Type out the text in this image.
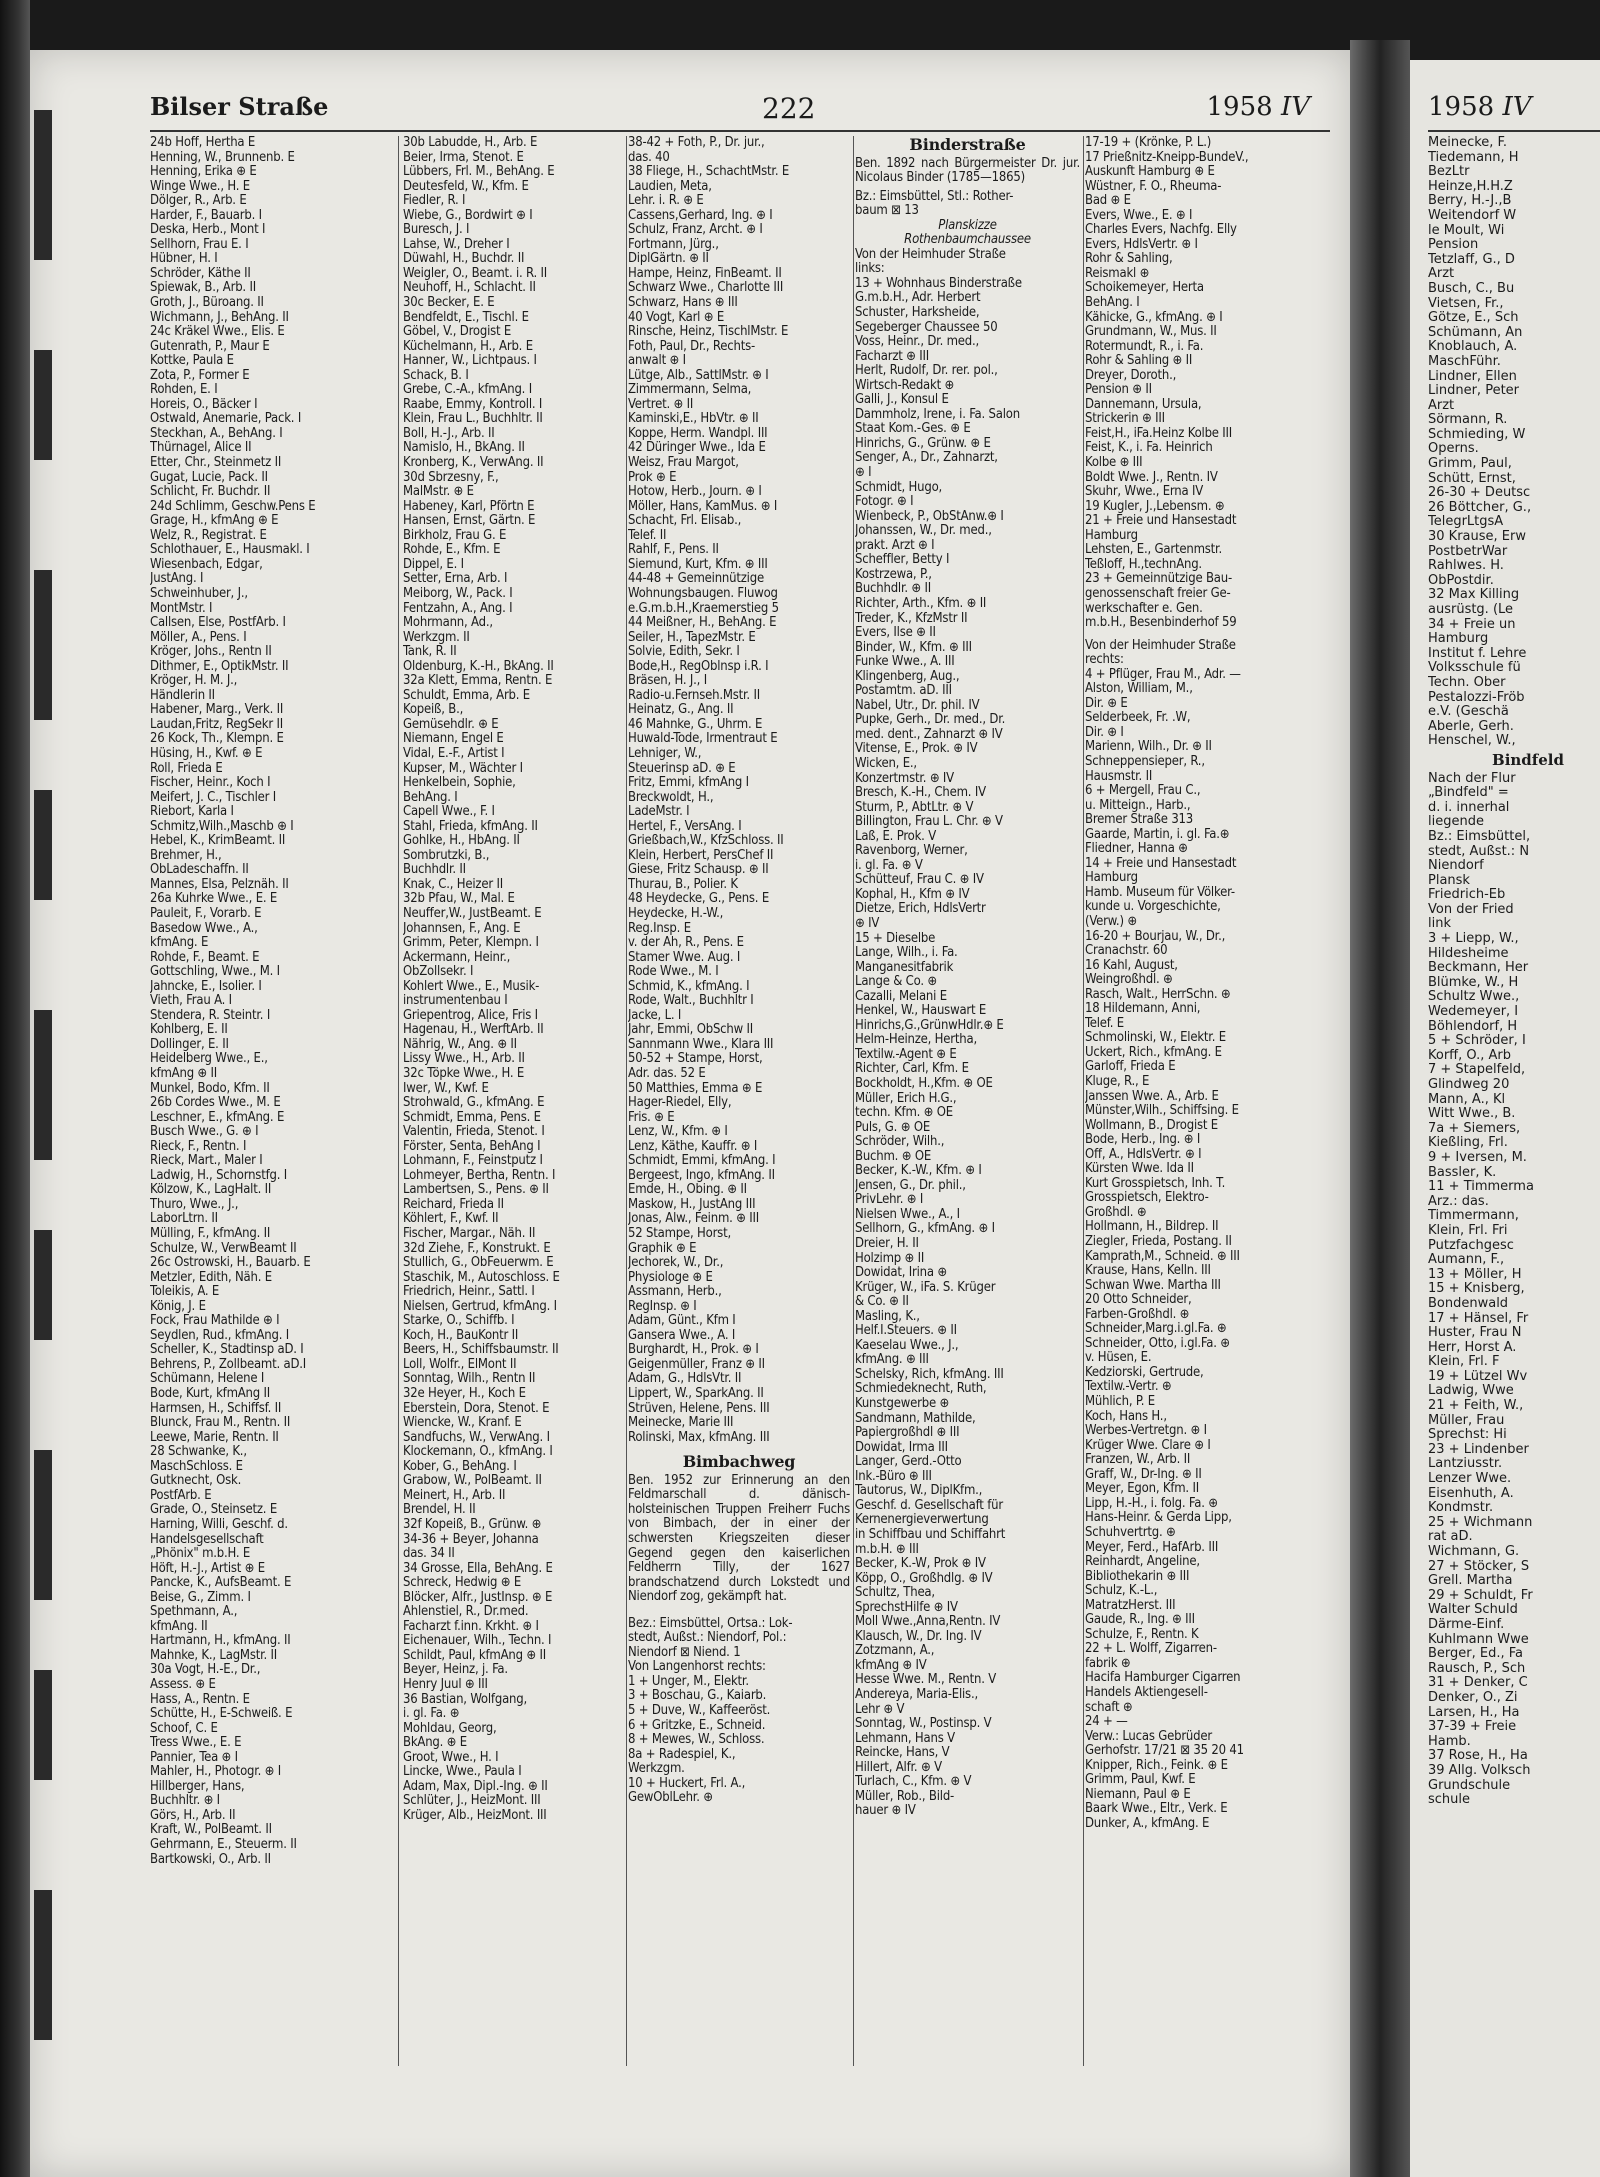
Bilser Straße	222	1958 IV
24b Hoff, Hertha E
Henning, W., Brunnenb. E
Henning, Erika ⊕ E
Winge Wwe., H. E
Dölger, R., Arb. E
Harder, F., Bauarb. I
Deska, Herb., Mont I
Sellhorn, Frau E. I
Hübner, H. I
Schröder, Käthe II
Spiewak, B., Arb. II
Groth, J., Büroang. II
Wichmann, J., BehAng. II
24c Kräkel Wwe., Elis. E
Gutenrath, P., Maur E
Kottke, Paula E
Zota, P., Former E
Rohden, E. I
Horeis, O., Bäcker I
Ostwald, Anemarie, Pack. I
Steckhan, A., BehAng. I
Thürnagel, Alice II
Etter, Chr., Steinmetz II
Gugat, Lucie, Pack. II
Schlicht, Fr. Buchdr. II
24d Schlimm, Geschw.Pens E
Grage, H., kfmAng ⊕ E
Welz, R., Registrat. E
Schlothauer, E., Hausmakl. I
Wiesenbach, Edgar,
JustAng. I
Schweinhuber, J.,
MontMstr. I
Callsen, Else, PostfArb. I
Möller, A., Pens. I
Kröger, Johs., Rentn II
Dithmer, E., OptikMstr. II
Kröger, H. M. J.,
Händlerin II
Habener, Marg., Verk. II
Laudan,Fritz, RegSekr II
26 Kock, Th., Klempn. E
Hüsing, H., Kwf. ⊕ E
Roll, Frieda E
Fischer, Heinr., Koch I
Meifert, J. C., Tischler I
Riebort, Karla I
Schmitz,Wilh.,Maschb ⊕ I
Hebel, K., KrimBeamt. II
Brehmer, H.,
ObLadeschaffn. II
Mannes, Elsa, Pelznäh. II
26a Kuhrke Wwe., E. E
Pauleit, F., Vorarb. E
Basedow Wwe., A.,
kfmAng. E
Rohde, F., Beamt. E
Gottschling, Wwe., M. I
Jahncke, E., Isolier. I
Vieth, Frau A. I
Stendera, R. Steintr. I
Kohlberg, E. II
Dollinger, E. II
Heidelberg Wwe., E.,
kfmAng ⊕ II
Munkel, Bodo, Kfm. II
26b Cordes Wwe., M. E
Leschner, E., kfmAng. E
Busch Wwe., G. ⊕ I
Rieck, F., Rentn. I
Rieck, Mart., Maler I
Ladwig, H., Schornstfg. I
Kölzow, K., LagHalt. II
Thuro, Wwe., J.,
LaborLtrn. II
Mülling, F., kfmAng. II
Schulze, W., VerwBeamt II
26c Ostrowski, H., Bauarb. E
Metzler, Edith, Näh. E
Toleikis, A. E
König, J. E
Fock, Frau Mathilde ⊕ I
Seydlen, Rud., kfmAng. I
Scheller, K., Stadtinsp aD. I
Behrens, P., Zollbeamt. aD.I
Schümann, Helene I
Bode, Kurt, kfmAng II
Harmsen, H., Schiffsf. II
Blunck, Frau M., Rentn. II
Leewe, Marie, Rentn. II
28 Schwanke, K.,
MaschSchloss. E
Gutknecht, Osk.
PostfArb. E
Grade, O., Steinsetz. E
Harning, Willi, Geschf. d.
Handelsgesellschaft
„Phönix" m.b.H. E
Höft, H.-J., Artist ⊕ E
Pancke, K., AufsBeamt. E
Beise, G., Zimm. I
Spethmann, A.,
kfmAng. II
Hartmann, H., kfmAng. II
Mahnke, K., LagMstr. II
30a Vogt, H.-E., Dr.,
Assess. ⊕ E
Hass, A., Rentn. E
Schütte, H., E-Schweiß. E
Schoof, C. E
Tress Wwe., E. E
Pannier, Tea ⊕ I
Mahler, H., Photogr. ⊕ I
Hillberger, Hans,
Buchhltr. ⊕ I
Görs, H., Arb. II
Kraft, W., PolBeamt. II
Gehrmann, E., Steuerm. II
Bartkowski, O., Arb. II
30b Labudde, H., Arb. E
Beier, Irma, Stenot. E
Lübbers, Frl. M., BehAng. E
Deutesfeld, W., Kfm. E
Fiedler, R. I
Wiebe, G., Bordwirt ⊕ I
Buresch, J. I
Lahse, W., Dreher I
Düwahl, H., Buchdr. II
Weigler, O., Beamt. i. R. II
Neuhoff, H., Schlacht. II
30c Becker, E. E
Bendfeldt, E., Tischl. E
Göbel, V., Drogist E
Küchelmann, H., Arb. E
Hanner, W., Lichtpaus. I
Schack, B. I
Grebe, C.-A., kfmAng. I
Raabe, Emmy, Kontroll. I
Klein, Frau L., Buchhltr. II
Boll, H.-J., Arb. II
Namislo, H., BkAng. II
Kronberg, K., VerwAng. II
30d Sbrzesny, F.,
MalMstr. ⊕ E
Habeney, Karl, Pförtn E
Hansen, Ernst, Gärtn. E
Birkholz, Frau G. E
Rohde, E., Kfm. E
Dippel, E. I
Setter, Erna, Arb. I
Meiborg, W., Pack. I
Fentzahn, A., Ang. I
Mohrmann, Ad.,
Werkzgm. II
Tank, R. II
Oldenburg, K.-H., BkAng. II
32a Klett, Emma, Rentn. E
Schuldt, Emma, Arb. E
Kopeiß, B.,
Gemüsehdlr. ⊕ E
Niemann, Engel E
Vidal, E.-F., Artist I
Kupser, M., Wächter I
Henkelbein, Sophie,
BehAng. I
Capell Wwe., F. I
Stahl, Frieda, kfmAng. II
Gohlke, H., HbAng. II
Sombrutzki, B.,
Buchhdlr. II
Knak, C., Heizer II
32b Pfau, W., Mal. E
Neuffer,W., JustBeamt. E
Johannsen, F., Ang. E
Grimm, Peter, Klempn. I
Ackermann, Heinr.,
ObZollsekr. I
Kohlert Wwe., E., Musik-
instrumentenbau I
Griepentrog, Alice, Fris I
Hagenau, H., WerftArb. II
Nährig, W., Ang. ⊕ II
Lissy Wwe., H., Arb. II
32c Töpke Wwe., H. E
Iwer, W., Kwf. E
Strohwald, G., kfmAng. E
Schmidt, Emma, Pens. E
Valentin, Frieda, Stenot. I
Förster, Senta, BehAng I
Lohmann, F., Feinstputz I
Lohmeyer, Bertha, Rentn. I
Lambertsen, S., Pens. ⊕ II
Reichard, Frieda II
Köhlert, F., Kwf. II
Fischer, Margar., Näh. II
32d Ziehe, F., Konstrukt. E
Stullich, G., ObFeuerwm. E
Staschik, M., Autoschloss. E
Friedrich, Heinr., Sattl. I
Nielsen, Gertrud, kfmAng. I
Starke, O., Schiffb. I
Koch, H., BauKontr II
Beers, H., Schiffsbaumstr. II
Loll, Wolfr., ElMont II
Sonntag, Wilh., Rentn II
32e Heyer, H., Koch E
Eberstein, Dora, Stenot. E
Wiencke, W., Kranf. E
Sandfuchs, W., VerwAng. I
Klockemann, O., kfmAng. I
Kober, G., BehAng. I
Grabow, W., PolBeamt. II
Meinert, H., Arb. II
Brendel, H. II
32f Kopeiß, B., Grünw. ⊕
34-36 + Beyer, Johanna
das. 34 II
34 Grosse, Ella, BehAng. E
Schreck, Hedwig ⊕ E
Blöcker, Alfr., JustInsp. ⊕ E
Ahlenstiel, R., Dr.med.
Facharzt f.inn. Krkht. ⊕ I
Eichenauer, Wilh., Techn. I
Schildt, Paul, kfmAng ⊕ II
Beyer, Heinz, j. Fa.
Henry Juul ⊕ III
36 Bastian, Wolfgang,
i. gl. Fa. ⊕
Mohldau, Georg,
BkAng. ⊕ E
Groot, Wwe., H. I
Lincke, Wwe., Paula I
Adam, Max, Dipl.-Ing. ⊕ II
Schlüter, J., HeizMont. III
Krüger, Alb., HeizMont. III
38-42 + Foth, P., Dr. jur.,
das. 40
38 Fliege, H., SchachtMstr. E
Laudien, Meta,
Lehr. i. R. ⊕ E
Cassens,Gerhard, Ing. ⊕ I
Schulz, Franz, Archt. ⊕ I
Fortmann, Jürg.,
DiplGärtn. ⊕ II
Hampe, Heinz, FinBeamt. II
Schwarz Wwe., Charlotte III
Schwarz, Hans ⊕ III
40 Vogt, Karl ⊕ E
Rinsche, Heinz, TischlMstr. E
Foth, Paul, Dr., Rechts-
anwalt ⊕ I
Lütge, Alb., SattlMstr. ⊕ I
Zimmermann, Selma,
Vertret. ⊕ II
Kaminski,E., HbVtr. ⊕ II
Koppe, Herm. Wandpl. III
42 Düringer Wwe., Ida E
Weisz, Frau Margot,
Prok ⊕ E
Hotow, Herb., Journ. ⊕ I
Möller, Hans, KamMus. ⊕ I
Schacht, Frl. Elisab.,
Telef. II
Rahlf, F., Pens. II
Siemund, Kurt, Kfm. ⊕ III
44-48 + Gemeinnützige
Wohnungsbaugen. Fluwog
e.G.m.b.H.,Kraemerstieg 5
44 Meißner, H., BehAng. E
Seiler, H., TapezMstr. E
Solvie, Edith, Sekr. I
Bode,H., RegOblnsp i.R. I
Bräsen, H. J., I
Radio-u.Fernseh.Mstr. II
Heinatz, G., Ang. II
46 Mahnke, G., Uhrm. E
Huwald-Tode, Irmentraut E
Lehniger, W.,
Steuerinsp aD. ⊕ E
Fritz, Emmi, kfmAng I
Breckwoldt, H.,
LadeMstr. I
Hertel, F., VersAng. I
Grießbach,W., KfzSchloss. II
Klein, Herbert, PersChef II
Giese, Fritz Schausp. ⊕ II
Thurau, B., Polier. K
48 Heydecke, G., Pens. E
Heydecke, H.-W.,
Reg.Insp. E
v. der Ah, R., Pens. E
Stamer Wwe. Aug. I
Rode Wwe., M. I
Schmid, K., kfmAng. I
Rode, Walt., Buchhltr I
Jacke, L. I
Jahr, Emmi, ObSchw II
Sannmann Wwe., Klara III
50-52 + Stampe, Horst,
Adr. das. 52 E
50 Matthies, Emma ⊕ E
Hager-Riedel, Elly,
Fris. ⊕ E
Lenz, W., Kfm. ⊕ I
Lenz, Käthe, Kauffr. ⊕ I
Schmidt, Emmi, kfmAng. I
Bergeest, Ingo, kfmAng. II
Emde, H., Obing. ⊕ II
Maskow, H., JustAng III
Jonas, Alw., Feinm. ⊕ III
52 Stampe, Horst,
Graphik ⊕ E
Jechorek, W., Dr.,
Physiologe ⊕ E
Assmann, Herb.,
RegInsp. ⊕ I
Adam, Günt., Kfm I
Gansera Wwe., A. I
Burghardt, H., Prok. ⊕ I
Geigenmüller, Franz ⊕ II
Adam, G., HdlsVtr. II
Lippert, W., SparkAng. II
Strüven, Helene, Pens. III
Meinecke, Marie III
Rolinski, Max, kfmAng. III
Bimbachweg
Ben. 1952 zur Erinnerung an den Feldmarschall d. dänisch-holsteinischen Truppen Freiherr Fuchs von Bimbach, der in einer der schwersten Kriegszeiten dieser Gegend gegen den kaiserlichen Feldherrn Tilly, der 1627 brandschatzend durch Lokstedt und Niendorf zog, gekämpft hat.
Bez.: Eimsbüttel, Ortsa.: Lok-
stedt, Außst.: Niendorf, Pol.:
Niendorf ⊠ Niend. 1
Von Langenhorst rechts:
1 + Unger, M., Elektr.
3 + Boschau, G., Kaiarb.
5 + Duve, W., Kaffeeröst.
6 + Gritzke, E., Schneid.
8 + Mewes, W., Schloss.
8a + Radespiel, K.,
Werkzgm.
10 + Huckert, Frl. A.,
GewOblLehr. ⊕
Binderstraße
Ben. 1892 nach Bürgermeister Dr. jur. Nicolaus Binder (1785—1865)
Bz.: Eimsbüttel, Stl.: Rother-
baum ⊠ 13
Planskizze
Rothenbaumchaussee
Von der Heimhuder Straße
links:
13 + Wohnhaus Binderstraße
G.m.b.H., Adr. Herbert
Schuster, Harksheide,
Segeberger Chaussee 50
Voss, Heinr., Dr. med.,
Facharzt ⊕ III
Herlt, Rudolf, Dr. rer. pol.,
Wirtsch-Redakt ⊕
Galli, J., Konsul E
Dammholz, Irene, i. Fa. Salon
Staat Kom.-Ges. ⊕ E
Hinrichs, G., Grünw. ⊕ E
Senger, A., Dr., Zahnarzt,
⊕ I
Schmidt, Hugo,
Fotogr. ⊕ I
Wienbeck, P., ObStAnw.⊕ I
Johanssen, W., Dr. med.,
prakt. Arzt ⊕ I
Scheffler, Betty I
Kostrzewa, P.,
Buchhdlr. ⊕ II
Richter, Arth., Kfm. ⊕ II
Treder, K., KfzMstr II
Evers, Ilse ⊕ II
Binder, W., Kfm. ⊕ III
Funke Wwe., A. III
Klingenberg, Aug.,
Postamtm. aD. III
Nabel, Utr., Dr. phil. IV
Pupke, Gerh., Dr. med., Dr.
med. dent., Zahnarzt ⊕ IV
Vitense, E., Prok. ⊕ IV
Wicken, E.,
Konzertmstr. ⊕ IV
Bresch, K.-H., Chem. IV
Sturm, P., AbtLtr. ⊕ V
Billington, Frau L. Chr. ⊕ V
Laß, E. Prok. V
Ravenborg, Werner,
i. gl. Fa. ⊕ V
Schütteuf, Frau C. ⊕ IV
Kophal, H., Kfm ⊕ IV
Dietze, Erich, HdlsVertr
⊕ IV
15 + Dieselbe
Lange, Wilh., i. Fa.
Manganesitfabrik
Lange & Co. ⊕
Cazalli, Melani E
Henkel, W., Hauswart E
Hinrichs,G.,GrünwHdlr.⊕ E
Helm-Heinze, Hertha,
Textilw.-Agent ⊕ E
Richter, Carl, Kfm. E
Bockholdt, H.,Kfm. ⊕ OE
Müller, Erich H.G.,
techn. Kfm. ⊕ OE
Puls, G. ⊕ OE
Schröder, Wilh.,
Buchm. ⊕ OE
Becker, K.-W., Kfm. ⊕ I
Jensen, G., Dr. phil.,
PrivLehr. ⊕ I
Nielsen Wwe., A., I
Sellhorn, G., kfmAng. ⊕ I
Dreier, H. II
Holzimp ⊕ II
Dowidat, Irina ⊕
Krüger, W., iFa. S. Krüger
& Co. ⊕ II
Masling, K.,
Helf.I.Steuers. ⊕ II
Kaeselau Wwe., J.,
kfmAng. ⊕ III
Schelsky, Rich, kfmAng. III
Schmiedeknecht, Ruth,
Kunstgewerbe ⊕
Sandmann, Mathilde,
Papiergroßhdl ⊕ III
Dowidat, Irma III
Langer, Gerd.-Otto
Ink.-Büro ⊕ III
Tautorus, W., DiplKfm.,
Geschf. d. Gesellschaft für
Kernenergieverwertung
in Schiffbau und Schiffahrt
m.b.H. ⊕ III
Becker, K.-W, Prok ⊕ IV
Köpp, O., Großhdlg. ⊕ IV
Schultz, Thea,
SprechstHilfe ⊕ IV
Moll Wwe.,Anna,Rentn. IV
Klausch, W., Dr. Ing. IV
Zotzmann, A.,
kfmAng ⊕ IV
Hesse Wwe. M., Rentn. V
Andereya, Maria-Elis.,
Lehr ⊕ V
Sonntag, W., Postinsp. V
Lehmann, Hans V
Reincke, Hans, V
Hillert, Alfr. ⊕ V
Turlach, C., Kfm. ⊕ V
Müller, Rob., Bild-
hauer ⊕ IV
17-19 + (Krönke, P. L.)
17 Prießnitz-Kneipp-BundeV.,
Auskunft Hamburg ⊕ E
Wüstner, F. O., Rheuma-
Bad ⊕ E
Evers, Wwe., E. ⊕ I
Charles Evers, Nachfg. Elly
Evers, HdlsVertr. ⊕ I
Rohr & Sahling,
Reismakl ⊕
Schoikemeyer, Herta
BehAng. I
Kähicke, G., kfmAng. ⊕ I
Grundmann, W., Mus. II
Rotermundt, R., i. Fa.
Rohr & Sahling ⊕ II
Dreyer, Doroth.,
Pension ⊕ II
Dannemann, Ursula,
Strickerin ⊕ III
Feist,H., iFa.Heinz Kolbe III
Feist, K., i. Fa. Heinrich
Kolbe ⊕ III
Boldt Wwe. J., Rentn. IV
Skuhr, Wwe., Erna IV
19 Kugler, J.,Lebensm. ⊕
21 + Freie und Hansestadt
Hamburg
Lehsten, E., Gartenmstr.
Teßloff, H.,technAng.
23 + Gemeinnützige Bau-
genossenschaft freier Ge-
werkschafter e. Gen.
m.b.H., Besenbinderhof 59
Von der Heimhuder Straße
rechts:
4 + Pflüger, Frau M., Adr. —
Alston, William, M.,
Dir. ⊕ E
Selderbeek, Fr. .W,
Dir. ⊕ I
Marienn, Wilh., Dr. ⊕ II
Schneppensieper, R.,
Hausmstr. II
6 + Mergell, Frau C.,
u. Mitteign., Harb.,
Bremer Straße 313
Gaarde, Martin, i. gl. Fa.⊕
Fliedner, Hanna ⊕
14 + Freie und Hansestadt
Hamburg
Hamb. Museum für Völker-
kunde u. Vorgeschichte,
(Verw.) ⊕
16-20 + Bourjau, W., Dr.,
Cranachstr. 60
16 Kahl, August,
Weingroßhdl. ⊕
Rasch, Walt., HerrSchn. ⊕
18 Hildemann, Anni,
Telef. E
Schmolinski, W., Elektr. E
Uckert, Rich., kfmAng. E
Garloff, Frieda E
Kluge, R., E
Janssen Wwe. A., Arb. E
Münster,Wilh., Schiffsing. E
Wollmann, B., Drogist E
Bode, Herb., Ing. ⊕ I
Off, A., HdlsVertr. ⊕ I
Kürsten Wwe. Ida II
Kurt Grosspietsch, Inh. T.
Grosspietsch, Elektro-
Großhdl. ⊕
Hollmann, H., Bildrep. II
Ziegler, Frieda, Postang. II
Kamprath,M., Schneid. ⊕ III
Krause, Hans, Kelln. III
Schwan Wwe. Martha III
20 Otto Schneider,
Farben-Großhdl. ⊕
Schneider,Marg.i.gl.Fa. ⊕
Schneider, Otto, i.gl.Fa. ⊕
v. Hüsen, E.
Kedziorski, Gertrude,
Textilw.-Vertr. ⊕
Mühlich, P. E
Koch, Hans H.,
Werbes-Vertretgn. ⊕ I
Krüger Wwe. Clare ⊕ I
Franzen, W., Arb. II
Graff, W., Dr-Ing. ⊕ II
Meyer, Egon, Kfm. II
Lipp, H.-H., i. folg. Fa. ⊕
Hans-Heinr. & Gerda Lipp,
Schuhvertrtg. ⊕
Meyer, Ferd., HafArb. III
Reinhardt, Angeline,
Bibliothekarin ⊕ III
Schulz, K.-L.,
MatratzHerst. III
Gaude, R., Ing. ⊕ III
Schulze, F., Rentn. K
22 + L. Wolff, Zigarren-
fabrik ⊕
Hacifa Hamburger Cigarren
Handels Aktiengesell-
schaft ⊕
24 + —
Verw.: Lucas Gebrüder
Gerhofstr. 17/21 ⊠ 35 20 41
Knipper, Rich., Feink. ⊕ E
Grimm, Paul, Kwf. E
Niemann, Paul ⊕ E
Baark Wwe., Eltr., Verk. E
Dunker, A., kfmAng. E
1958 IV
Meinecke, F.
Tiedemann, H
BezLtr
Heinze,H.H.Z
Berry, H.-J.,B
Weitendorf W
le Moult, Wi
Pension
Tetzlaff, G., D
Arzt
Busch, C., Bu
Vietsen, Fr.,
Götze, E., Sch
Schümann, An
Knoblauch, A.
MaschFühr.
Lindner, Ellen
Lindner, Peter
Arzt
Sörmann, R.
Schmieding, W
Operns.
Grimm, Paul,
Schütt, Ernst,
26-30 + Deutsc
26 Böttcher, G.,
TelegrLtgsA
30 Krause, Erw
PostbetrWar
Rahlwes. H.
ObPostdir.
32 Max Killing
ausrüstg. (Le
34 + Freie un
Hamburg
Institut f. Lehre
Volksschule fü
Techn. Ober
Pestalozzi-Fröb
e.V. (Geschä
Aberle, Gerh.
Henschel, W.,
Bindfeld
Nach der Flur
„Bindfeld" =
d. i. innerhal
liegende
Bz.: Eimsbüttel,
stedt, Außst.: N
Niendorf
Plansk
Friedrich-Eb
Von der Fried
link
3 + Liepp, W.,
Hildesheime
Beckmann, Her
Blümke, W., H
Schultz Wwe.,
Wedemeyer, I
Böhlendorf, H
5 + Schröder, I
Korff, O., Arb
7 + Stapelfeld,
Glindweg 20
Mann, A., Kl
Witt Wwe., B.
7a + Siemers,
Kießling, Frl.
9 + Iversen, M.
Bassler, K.
11 + Timmerma
Arz.: das.
Timmermann,
Klein, Frl. Fri
Putzfachgesc
Aumann, F.,
13 + Möller, H
15 + Knisberg,
Bondenwald
17 + Hänsel, Fr
Huster, Frau N
Herr, Horst A.
Klein, Frl. F
19 + Lützel Wv
Ladwig, Wwe
21 + Feith, W.,
Müller, Frau
Sprechst: Hi
23 + Lindenber
Lantziusstr.
Lenzer Wwe.
Eisenhuth, A.
Kondmstr.
25 + Wichmann
rat aD.
Wichmann, G.
27 + Stöcker, S
Grell. Martha
29 + Schuldt, Fr
Walter Schuld
Därme-Einf.
Kuhlmann Wwe
Berger, Ed., Fa
Rausch, P., Sch
31 + Denker, C
Denker, O., Zi
Larsen, H., Ha
37-39 + Freie
Hamb.
37 Rose, H., Ha
39 Allg. Volksch
Grundschule
schule
